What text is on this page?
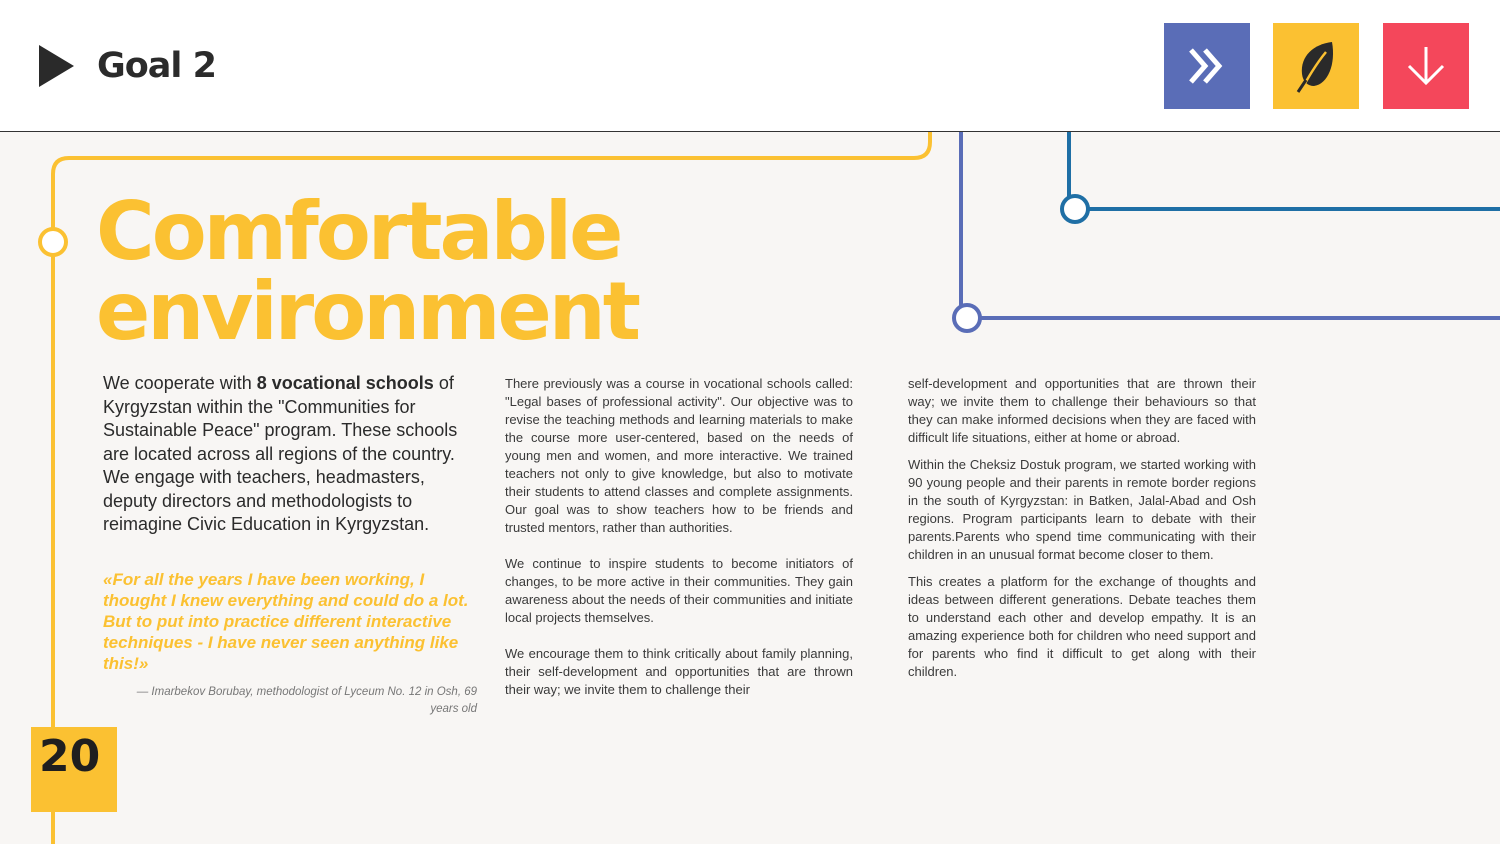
Goal 2
Comfortable
environment
We cooperate with 8 vocational schools of Kyrgyzstan within the "Communities for Sustainable Peace" program. These schools are located across all regions of the country. We engage with teachers, headmasters, deputy directors and methodologists to reimagine Civic Education in Kyrgyzstan.
«For all the years I have been working, I thought I knew everything and could do a lot. But to put into practice different interactive techniques - I have never seen anything like this!»
— Imarbekov Borubay, methodologist of Lyceum No. 12 in Osh, 69 years old

There previously was a course in vocational schools called: "Legal bases of professional activity". Our objective was to revise the teaching methods and learning materials to make the course more user-centered, based on the needs of young men and women, and more interactive. We trained teachers not only to give knowledge, but also to motivate their students to attend classes and complete assignments. Our goal was to show teachers how to be friends and trusted mentors, rather than authorities.

We continue to inspire students to become initiators of changes, to be more active in their communities. They gain awareness about the needs of their communities and initiate local projects themselves.

We encourage them to think critically about family planning, their self-development and opportunities that are thrown their way; we invite them to challenge their

self-development and opportunities that are thrown their way; we invite them to challenge their behaviours so that they can make informed decisions when they are faced with difficult life situations, either at home or abroad.

Within the Cheksiz Dostuk program, we started working with 90 young people and their parents in remote border regions in the south of Kyrgyzstan: in Batken, Jalal-Abad and Osh regions. Program participants learn to debate with their parents.Parents who spend time communicating with their children in an unusual format become closer to them.

This creates a platform for the exchange of thoughts and ideas between different generations. Debate teaches them to understand each other and develop empathy. It is an amazing experience both for children who need support and for parents who find it difficult to get along with their children.

20
